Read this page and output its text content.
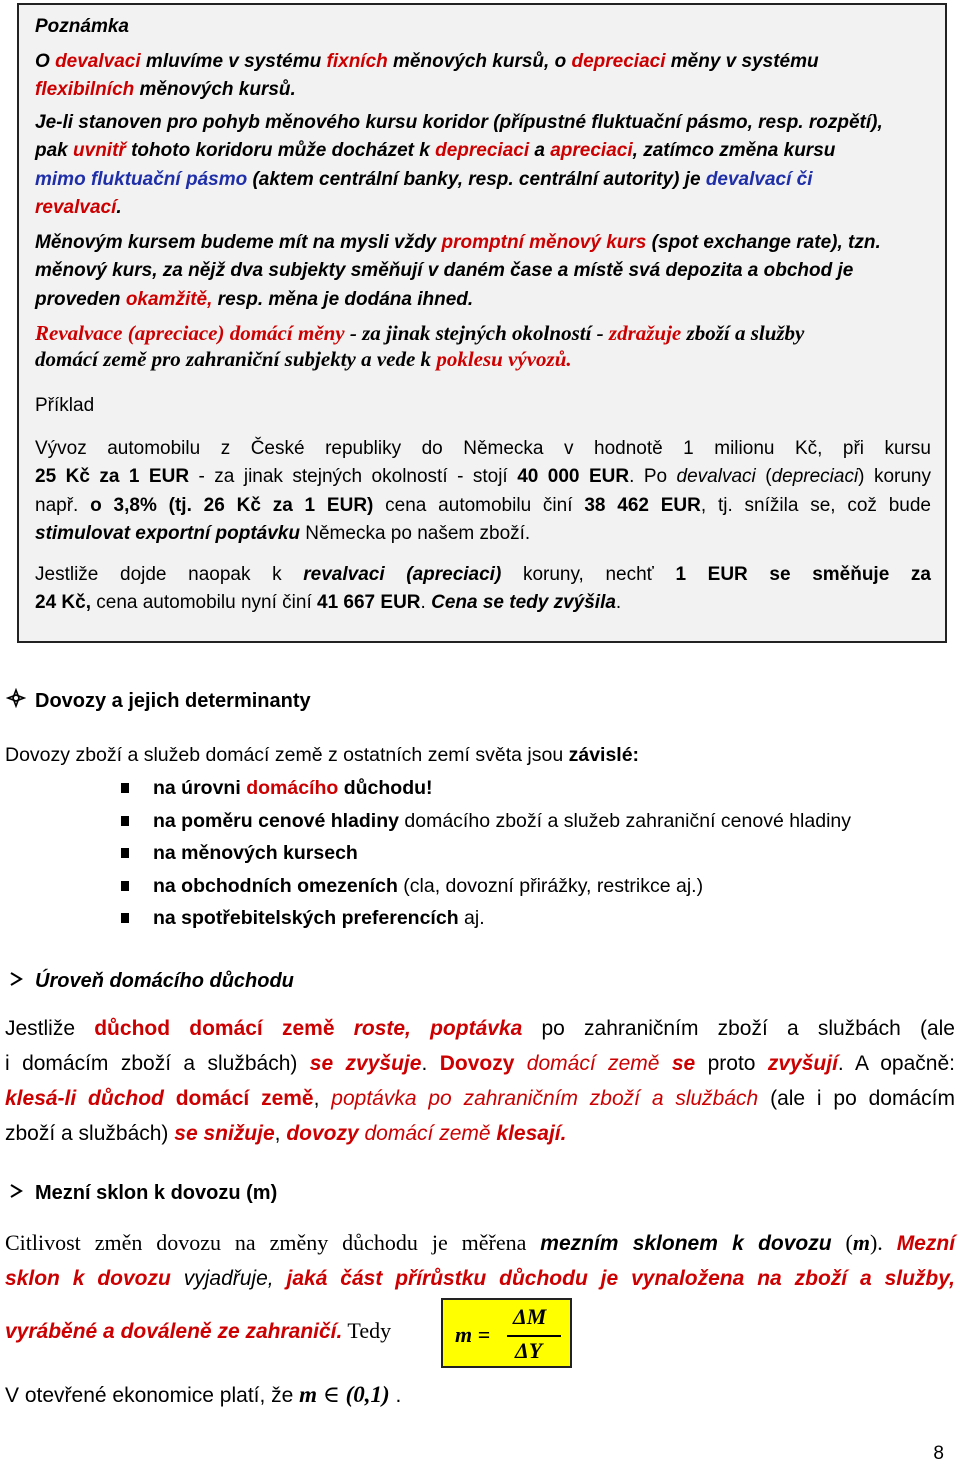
Poznámka

O devalvaci mluvíme v systému fixních měnových kursů, o depreciaci měny v systému
flexibilních měnových kursů.

Je-li stanoven pro pohyb měnového kursu koridor (přípustné fluktuační pásmo, resp. rozpětí),
pak uvnitř tohoto koridoru může docházet k depreciaci a apreciaci, zatímco změna kursu
mimo fluktuační pásmo (aktem centrální banky, resp. centrální autority) je devalvací či
revalvací.

Měnovým kursem budeme mít na mysli vždy promptní měnový kurs (spot exchange rate), tzn.
měnový kurs, za nějž dva subjekty směňují v daném čase a místě svá depozita a obchod je
proveden okamžitě, resp. měna je dodána ihned.

Revalvace (apreciace) domácí měny - za jinak stejných okolností - zdražuje zboží a služby
domácí země pro zahraniční subjekty a vede k poklesu vývozů.

Příklad

Vývoz automobilu z České republiky do Německa v hodnotě 1 milionu Kč, při kursu
25 Kč za 1 EUR - za jinak stejných okolností - stojí 40 000 EUR. Po devalvaci (depreciaci) koruny
např. o 3,8% (tj. 26 Kč za 1 EUR) cena automobilu činí 38 462 EUR, tj. snížila se, což bude
stimulovat exportní poptávku Německa po našem zboží.

Jestliže dojde naopak k revalvaci (apreciaci) koruny, nechť 1 EUR se směňuje za
24 Kč, cena automobilu nyní činí 41 667 EUR. Cena se tedy zvýšila.

Dovozy a jejich determinanty
Dovozy zboží a služeb domácí země z ostatních zemí světa jsou závislé:
na úrovni domácího důchodu!
na poměru cenové hladiny domácího zboží a služeb zahraniční cenové hladiny
na měnových kursech
na obchodních omezeních (cla, dovozní přirážky, restrikce aj.)
na spotřebitelských preferencích aj.
Úroveň domácího důchodu

Jestliže důchod domácí země roste, poptávka po zahraničním zboží a službách (ale
i domácím zboží a službách) se zvyšuje. Dovozy domácí země se proto zvyšují. A opačně:
klesá-li důchod domácí země, poptávka po zahraničním zboží a službách (ale i po domácím
zboží a službách) se snižuje, dovozy domácí země klesají.

Mezní sklon k dovozu (m)

Citlivost změn dovozu na změny důchodu je měřena mezním sklonem k dovozu (m). Mezní
sklon k dovozu vyjadřuje, jaká část přírůstku důchodu je vynaložena na zboží a služby,

vyráběné a dováleně ze zahraničí. Tedy	m =
ΔM
ΔY
V otevřené ekonomice platí, že m ∈ (0,1) .
8
